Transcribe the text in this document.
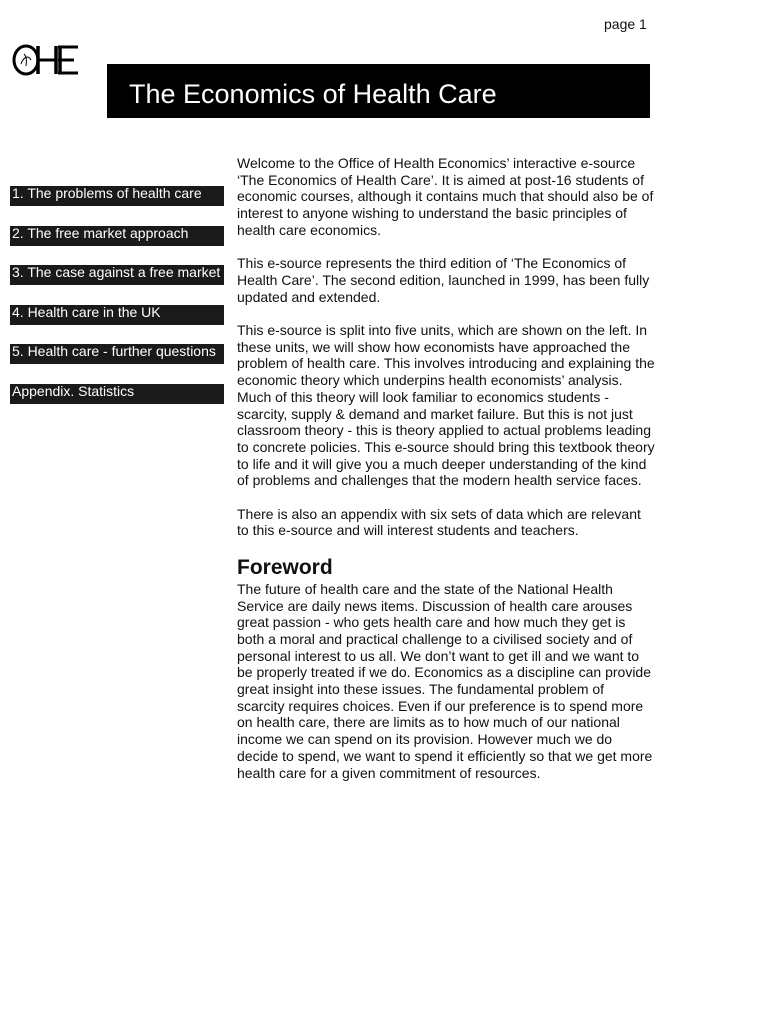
page 1
The Economics of Health Care
1. The problems of health care
2. The free market approach
3. The case against a free market
4. Health care in the UK
5. Health care - further questions
Appendix. Statistics

Welcome to the Office of Health Economics’ interactive e-source ‘The Economics of Health Care’. It is aimed at post-16 students of economic courses, although it contains much that should also be of interest to anyone wishing to understand the basic principles of health care economics.

This e-source represents the third edition of ‘The Economics of Health Care’. The second edition, launched in 1999, has been fully updated and extended.

This e-source is split into five units, which are shown on the left. In these units, we will show how economists have approached the problem of health care. This involves introducing and explaining the economic theory which underpins health economists’ analysis. Much of this theory will look familiar to economics students - scarcity, supply & demand and market failure. But this is not just classroom theory - this is theory applied to actual problems leading to concrete policies. This e-source should bring this textbook theory to life and it will give you a much deeper understanding of the kind of problems and challenges that the modern health service faces.

There is also an appendix with six sets of data which are relevant to this e-source and will interest students and teachers.

Foreword

The future of health care and the state of the National Health Service are daily news items. Discussion of health care arouses great passion - who gets health care and how much they get is both a moral and practical challenge to a civilised society and of personal interest to us all. We don’t want to get ill and we want to be properly treated if we do. Economics as a discipline can provide great insight into these issues. The fundamental problem of scarcity requires choices. Even if our preference is to spend more on health care, there are limits as to how much of our national income we can spend on its provision. However much we do decide to spend, we want to spend it efficiently so that we get more health care for a given commitment of resources.
